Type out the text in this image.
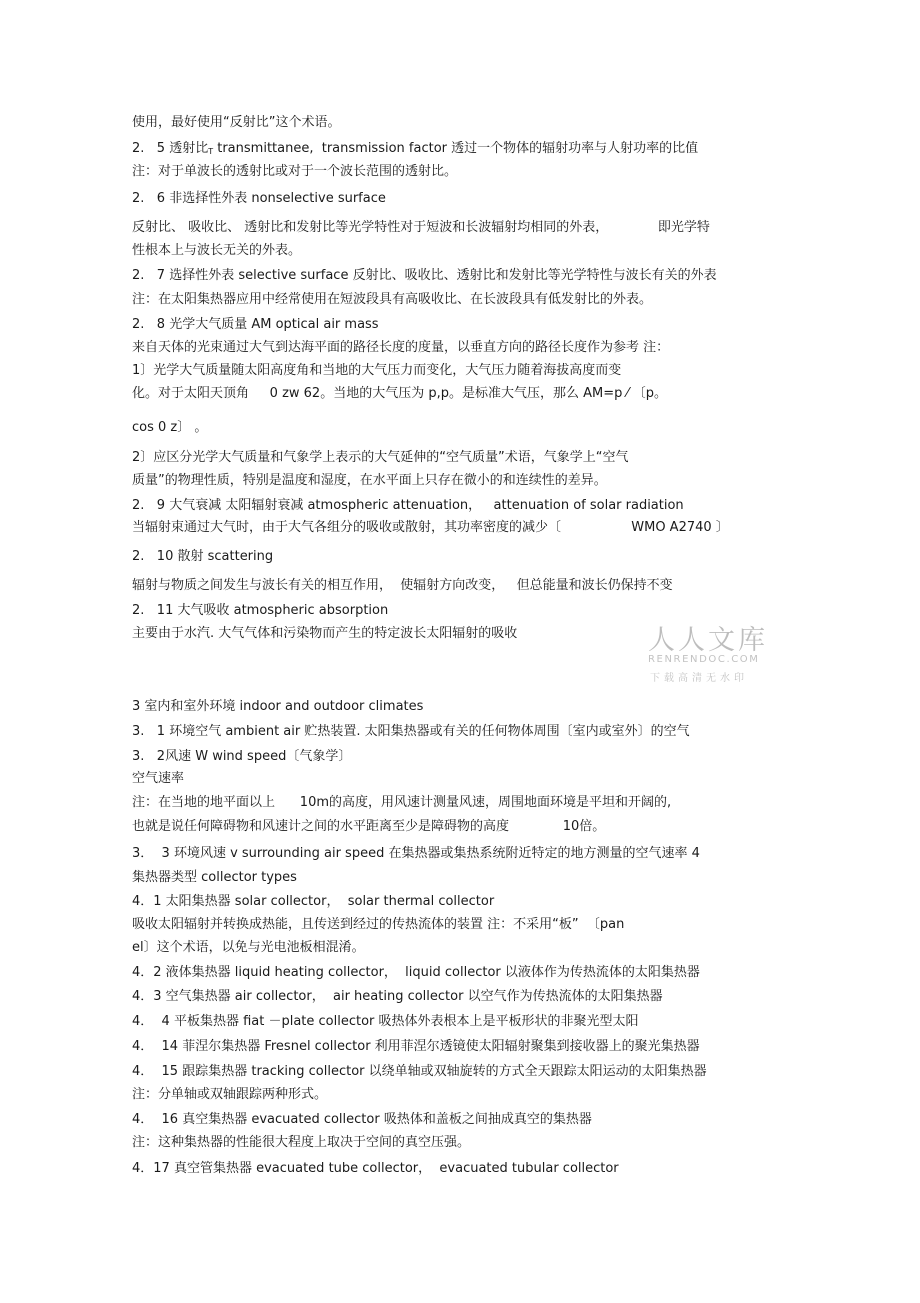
使用，最好使用“反射比”这个术语。
2.   5 透射比$_T$ transmittanee,  transmission factor 透过一个物体的辐射功率与人射功率的比值
注：对于单波长的透射比或对于一个波长范围的透射比。
2.   6 非选择性外表 nonselective surface
反射比、 吸收比、 透射比和发射比等光学特性对于短波和长波辐射均相同的外表，            即光学特
性根本上与波长无关的外表。
2.   7 选择性外表 selective surface 反射比、吸收比、透射比和发射比等光学特性与波长有关的外表
注：在太阳集热器应用中经常使用在短波段具有高吸收比、在长波段具有低发射比的外表。
2.   8 光学大气质量 AM optical air mass
来自天体的光束通过大气到达海平面的路径长度的度量，以垂直方向的路径长度作为参考 注：
1〕光学大气质量随太阳高度角和当地的大气压力而变化，大气压力随着海拔高度而变
化。对于太阳天顶角     0 zw 62。当地的大气压为 p,p。是标准大气压，那么 AM=p ⁄ 〔p。
cos 0 z〕 。
2〕应区分光学大气质量和气象学上表示的大气延伸的“空气质量”术语，气象学上“空气
质量”的物理性质，特别是温度和湿度，在水平面上只存在微小的和连续性的差异。
2.   9 大气衰减 太阳辐射衰减 atmospheric attenuation，   attenuation of solar radiation
当辐射束通过大气时，由于大气各组分的吸收或散射，其功率密度的减少〔                 WMO A2740 〕
2.   10 散射 scattering
辐射与物质之间发生与波长有关的相互作用，  使辐射方向改变，   但总能量和波长仍保持不变
2.   11 大气吸收 atmospheric absorption
主要由于水汽. 大气气体和污染物而产生的特定波长太阳辐射的吸收
3 室内和室外环境 indoor and outdoor climates
3.   1 环境空气 ambient air 贮热装置. 太阳集热器或有关的任何物体周围〔室内或室外〕的空气
3.   2风速 W wind speed〔气象学〕
空气速率
注：在当地的地平面以上      10m的高度，用风速计测量风速，周围地面环境是平坦和开阔的,
也就是说任何障碍物和风速计之间的水平距离至少是障碍物的高度             10倍。
3．  3 环境风速 v surrounding air speed 在集热器或集热系统附近特定的地方测量的空气速率 4
集热器类型 collector types
4．1 太阳集热器 solar collector，  solar thermal collector
吸收太阳辐射并转换成热能，且传送到经过的传热流体的装置 注：不采用“板”  〔pan
el〕这个术语，以免与光电池板相混淆。
4．2 液体集热器 liquid heating collector，  liquid collector 以液体作为传热流体的太阳集热器
4．3 空气集热器 air collector，  air heating collector 以空气作为传热流体的太阳集热器
4．  4 平板集热器 fiat －plate collector 吸热体外表根本上是平板形状的非聚光型太阳
4．  14 菲涅尔集热器 Fresnel collector 利用菲涅尔透镜使太阳辐射聚集到接收器上的聚光集热器
4．  15 跟踪集热器 tracking collector 以绕单轴或双轴旋转的方式全天跟踪太阳运动的太阳集热器
注：分单轴或双轴跟踪两种形式。
4．  16 真空集热器 evacuated collector 吸热体和盖板之间抽成真空的集热器
注：这种集热器的性能很大程度上取决于空间的真空压强。
4．17 真空管集热器 evacuated tube collector，  evacuated tubular collector
人人文库
RENRENDOC.COM
下载高清无水印
